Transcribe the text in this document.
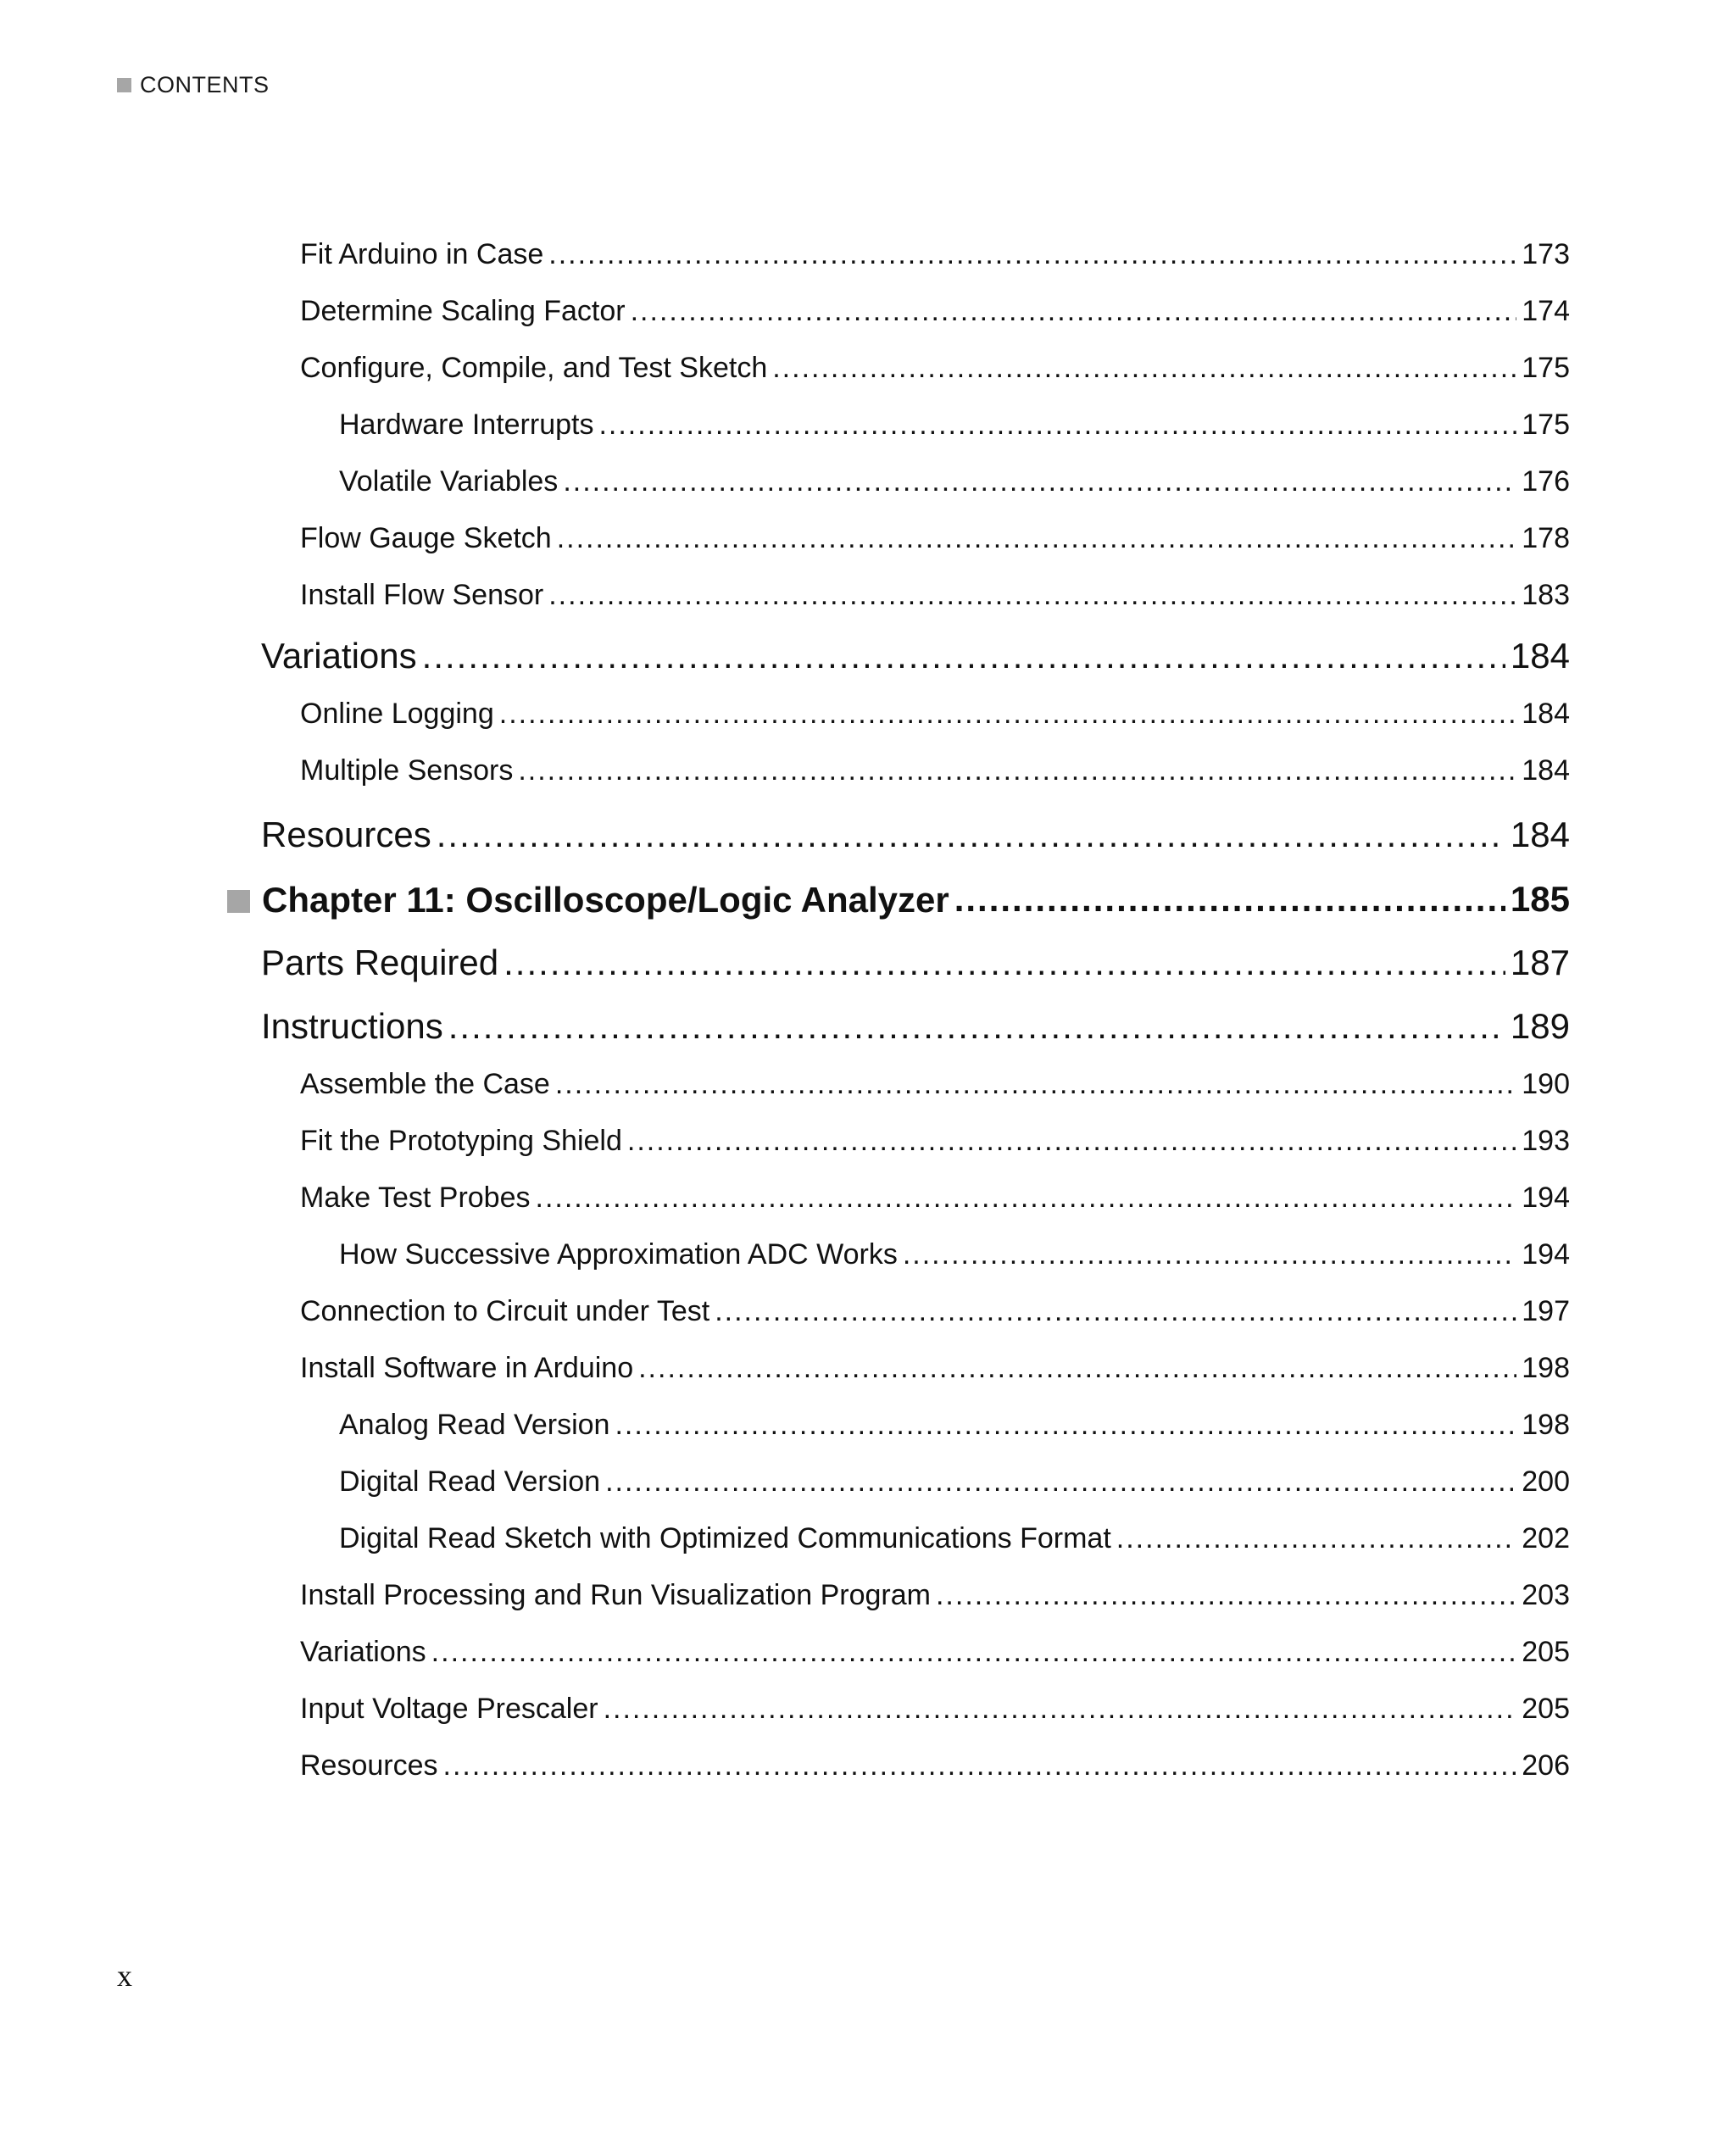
CONTENTS
Fit Arduino in Case .....	173
Determine Scaling Factor .....	174
Configure, Compile, and Test Sketch .....	175
Hardware Interrupts .....	175
Volatile Variables .....	176
Flow Gauge Sketch .....	178
Install Flow Sensor .....	183
Variations .....	184
Online Logging .....	184
Multiple Sensors .....	184
Resources .....	184
Chapter 11: Oscilloscope/Logic Analyzer .....	185
Parts Required .....	187
Instructions .....	189
Assemble the Case .....	190
Fit the Prototyping Shield .....	193
Make Test Probes .....	194
How Successive Approximation ADC Works .....	194
Connection to Circuit under Test .....	197
Install Software in Arduino .....	198
Analog Read Version .....	198
Digital Read Version .....	200
Digital Read Sketch with Optimized Communications Format .....	202
Install Processing and Run Visualization Program .....	203
Variations .....	205
Input Voltage Prescaler .....	205
Resources .....	206
x
